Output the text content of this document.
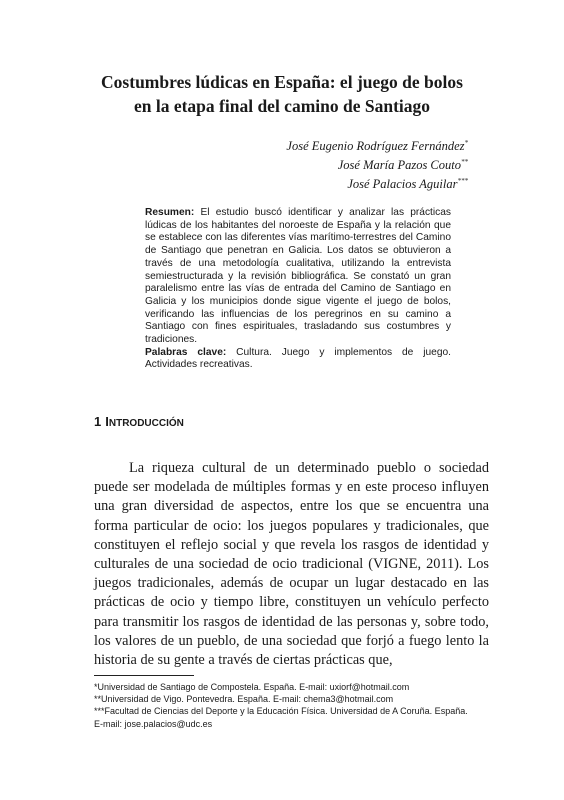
Costumbres lúdicas en España: el juego de bolos
en la etapa final del camino de Santiago
José Eugenio Rodríguez Fernández*
José María Pazos Couto**
José Palacios Aguilar***

Resumen: El estudio buscó identificar y analizar las prácticas lúdicas de los habitantes del noroeste de España y la relación que se establece con las diferentes vías marítimo-terrestres del Camino de Santiago que penetran en Galicia. Los datos se obtuvieron a través de una metodología cualitativa, utilizando la entrevista semiestructurada y la revisión bibliográfica. Se constató un gran paralelismo entre las vías de entrada del Camino de Santiago en Galicia y los municipios donde sigue vigente el juego de bolos, verificando las influencias de los peregrinos en su camino a Santiago con fines espirituales, trasladando sus costumbres y tradiciones.

Palabras clave: Cultura. Juego y implementos de juego. Actividades recreativas.

1 INTRODUCCIÓN

La riqueza cultural de un determinado pueblo o sociedad puede ser modelada de múltiples formas y en este proceso influyen una gran diversidad de aspectos, entre los que se encuentra una forma particular de ocio: los juegos populares y tradicionales, que constituyen el reflejo social y que revela los rasgos de identidad y culturales de una sociedad de ocio tradicional (VIGNE, 2011). Los juegos tradicionales, además de ocupar un lugar destacado en las prácticas de ocio y tiempo libre, constituyen un vehículo perfecto para transmitir los rasgos de identidad de las personas y, sobre todo, los valores de un pueblo, de una sociedad que forjó a fuego lento la historia de su gente a través de ciertas prácticas que,

*Universidad de Santiago de Compostela. España. E-mail: uxiorf@hotmail.com
**Universidad de Vigo. Pontevedra. España. E-mail: chema3@hotmail.com
***Facultad de Ciencias del Deporte y la Educación Física. Universidad de A Coruña. España.
E-mail: jose.palacios@udc.es
